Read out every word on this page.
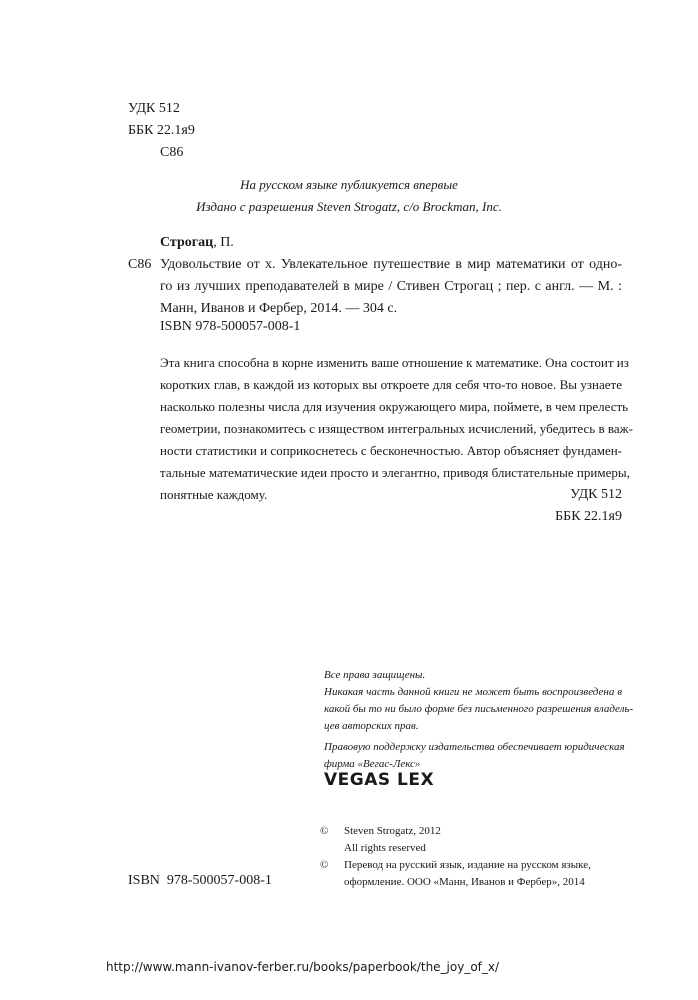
УДК 512
ББК 22.1я9
С86
На русском языке публикуется впервые
Издано с разрешения Steven Strogatz, c/o Brockman, Inc.
Строгац, П.
С86 Удовольствие от x. Увлекательное путешествие в мир математики от одно-
го из лучших преподавателей в мире / Стивен Строгац ; пер. с англ. — М. :
Манн, Иванов и Фербер, 2014. — 304 с.
ISBN 978-500057-008-1
Эта книга способна в корне изменить ваше отношение к математике. Она состоит из
коротких глав, в каждой из которых вы откроете для себя что-то новое. Вы узнаете
насколько полезны числа для изучения окружающего мира, поймете, в чем прелесть
геометрии, познакомитесь с изяществом интегральных исчислений, убедитесь в важ-
ности статистики и соприкоснетесь с бесконечностью. Автор объясняет фундамен-
тальные математические идеи просто и элегантно, приводя блистательные примеры,
понятные каждому.	УДК 512
ББК 22.1я9
Все права защищены.
Никакая часть данной книги не может быть воспроизведена в
какой бы то ни было форме без письменного разрешения владель-
цев авторских прав.
Правовую поддержку издательства обеспечивает юридическая
фирма «Вегас-Лекс»
VEGAS LEX
© Steven Strogatz, 2012
All rights reserved
© Перевод на русский язык, издание на русском языке,
оформление. ООО «Манн, Иванов и Фербер», 2014
ISBN  978-500057-008-1
http://www.mann-ivanov-ferber.ru/books/paperbook/the_joy_of_x/
